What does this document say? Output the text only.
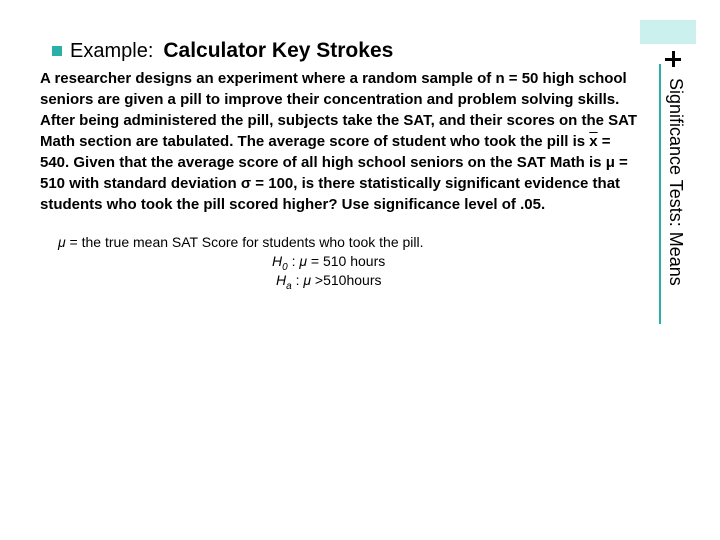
Significance Tests: Means
Example: Calculator Key Strokes

A researcher designs an experiment where a random sample of n = 50 high school seniors are given a pill to improve their concentration and problem solving skills. After being administered the pill, subjects take the SAT, and their scores on the SAT Math section are tabulated. The average score of student who took the pill is $\overline{x} = 540$. Given that the average score of all high school seniors on the SAT Math is μ = 510 with standard deviation σ = 100, is there statistically significant evidence that students who took the pill scored higher? Use significance level of .05.

μ = the true mean SAT Score for students who took the pill.
$H_0$ : μ = 510 hours
$H_a$ : μ >510hours
